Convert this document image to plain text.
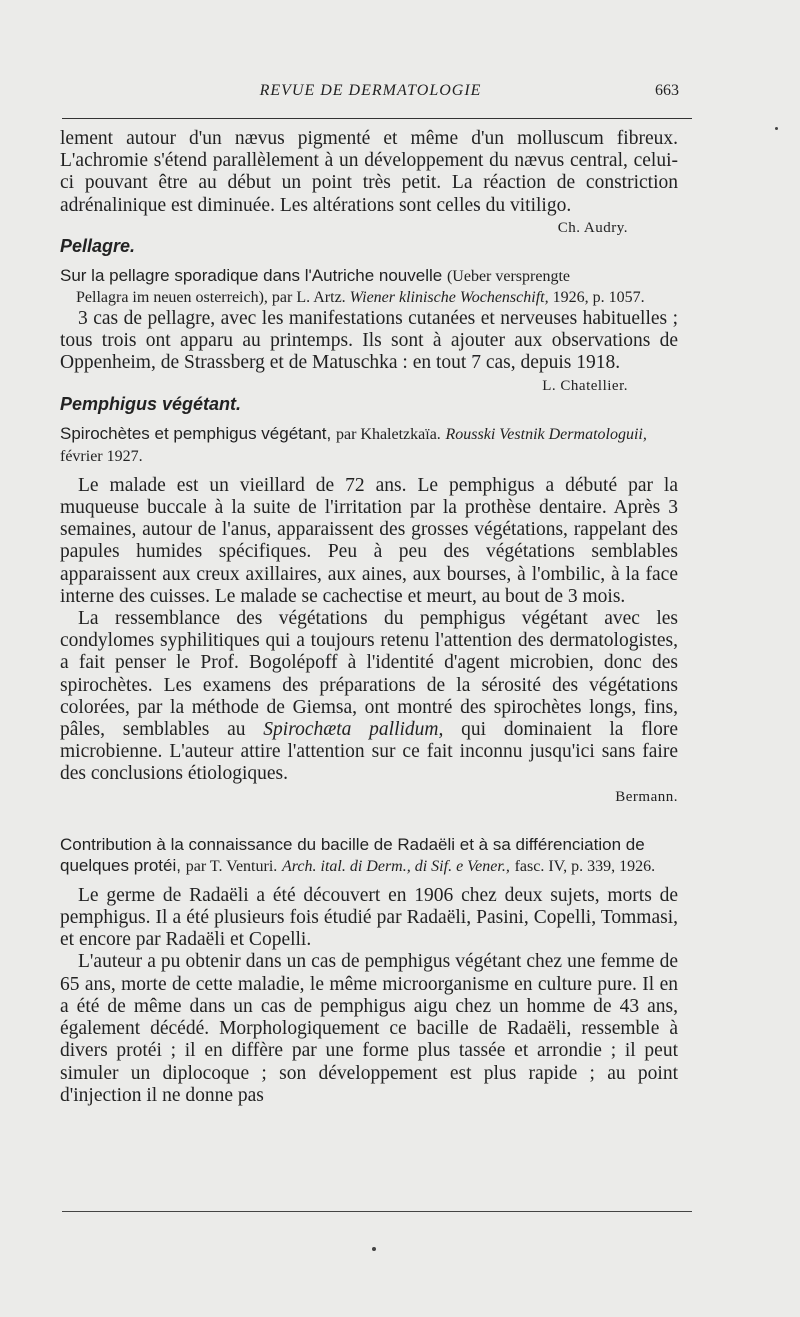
REVUE DE DERMATOLOGIE	663

lement autour d'un nævus pigmenté et même d'un molluscum fibreux. L'achromie s'étend parallèlement à un développement du nævus central, celui-ci pouvant être au début un point très petit. La réaction de constriction adrénalinique est diminuée. Les altérations sont celles du vitiligo.
Ch. Audry.

Pellagre.

Sur la pellagre sporadique dans l'Autriche nouvelle (Ueber versprengte

Pellagra im neuen osterreich), par L. Artz. Wiener klinische Wochenschift, 1926, p. 1057.

3 cas de pellagre, avec les manifestations cutanées et nerveuses habituelles ; tous trois ont apparu au printemps. Ils sont à ajouter aux observations de Oppenheim, de Strassberg et de Matuschka : en tout 7 cas, depuis 1918.
L. Chatellier.

Pemphigus végétant.

Spirochètes et pemphigus végétant, par Khaletzkaïa. Rousski Vestnik Dermatologuii, février 1927.

Le malade est un vieillard de 72 ans. Le pemphigus a débuté par la muqueuse buccale à la suite de l'irritation par la prothèse dentaire. Après 3 semaines, autour de l'anus, apparaissent des grosses végétations, rappelant des papules humides spécifiques. Peu à peu des végétations semblables apparaissent aux creux axillaires, aux aines, aux bourses, à l'ombilic, à la face interne des cuisses. Le malade se cachectise et meurt, au bout de 3 mois.

La ressemblance des végétations du pemphigus végétant avec les condylomes syphilitiques qui a toujours retenu l'attention des dermatologistes, a fait penser le Prof. Bogolépoff à l'identité d'agent microbien, donc des spirochètes. Les examens des préparations de la sérosité des végétations colorées, par la méthode de Giemsa, ont montré des spirochètes longs, fins, pâles, semblables au Spirochæta pallidum, qui dominaient la flore microbienne. L'auteur attire l'attention sur ce fait inconnu jusqu'ici sans faire des conclusions étiologiques.

Bermann.

Contribution à la connaissance du bacille de Radaëli et à sa différenciation de quelques protéi, par T. Venturi. Arch. ital. di Derm., di Sif. e Vener., fasc. IV, p. 339, 1926.

Le germe de Radaëli a été découvert en 1906 chez deux sujets, morts de pemphigus. Il a été plusieurs fois étudié par Radaëli, Pasini, Copelli, Tommasi, et encore par Radaëli et Copelli.

L'auteur a pu obtenir dans un cas de pemphigus végétant chez une femme de 65 ans, morte de cette maladie, le même microorganisme en culture pure. Il en a été de même dans un cas de pemphigus aigu chez un homme de 43 ans, également décédé. Morphologiquement ce bacille de Radaëli, ressemble à divers protéi ; il en diffère par une forme plus tassée et arrondie ; il peut simuler un diplocoque ; son développement est plus rapide ; au point d'injection il ne donne pas
